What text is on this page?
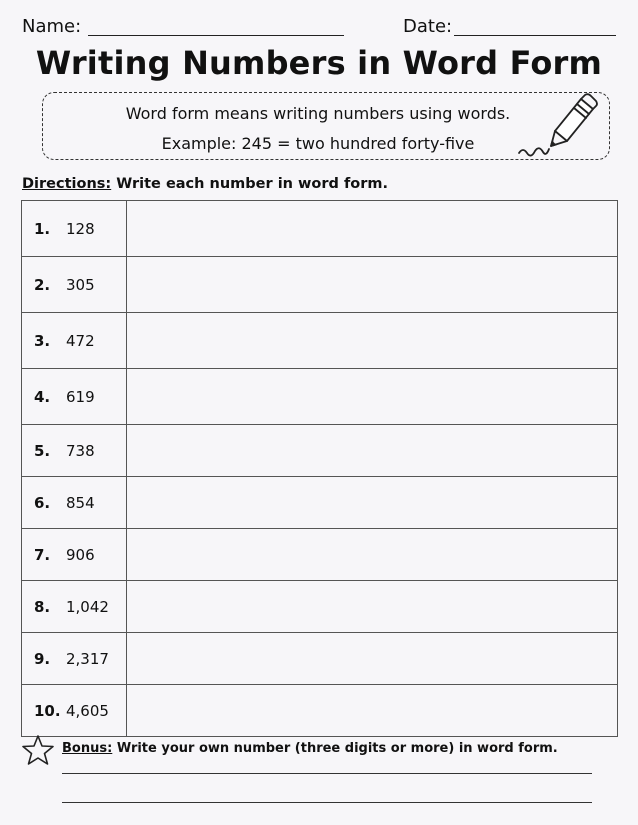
Name:	Date:
Writing Numbers in Word Form
Word form means writing numbers using words.
Example: 245 = two hundred forty-five
Directions: Write each number in word form.
1. 128	
2. 305	
3. 472	
4. 619	
5. 738	
6. 854	
7. 906	
8. 1,042	
9. 2,317	
10. 4,605	
Bonus: Write your own number (three digits or more) in word form.
